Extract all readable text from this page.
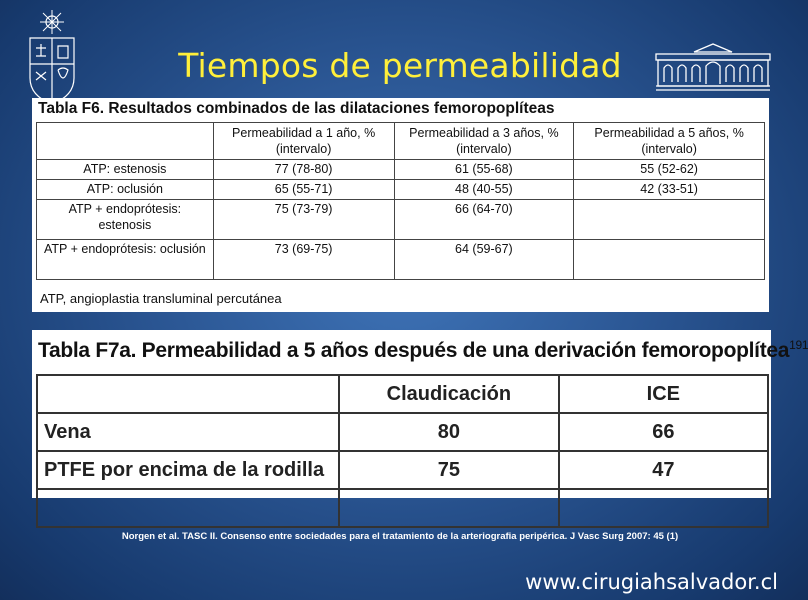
Tiempos de permeabilidad
Tabla F6. Resultados combinados de las dilataciones femoropoplíteas
	Permeabilidad a 1 año, % (intervalo)	Permeabilidad a 3 años, % (intervalo)	Permeabilidad a 5 años, % (intervalo)
ATP: estenosis	77 (78-80)	61 (55-68)	55 (52-62)
ATP: oclusión	65 (55-71)	48 (40-55)	42 (33-51)
ATP + endoprótesis: estenosis	75 (73-79)	66 (64-70)	
ATP + endoprótesis: oclusión	73 (69-75)	64 (59-67)	
ATP, angioplastia transluminal percutánea
Tabla F7a. Permeabilidad a 5 años después de una derivación femoropoplítea$^{191}$
	Claudicación	ICE
Vena	80	66
PTFE por encima de la rodilla	75	47

Norgen et al. TASC II. Consenso entre sociedades para el tratamiento de la arteriografia peripérica. J Vasc Surg 2007: 45 (1)
www.cirugiahsalvador.cl
